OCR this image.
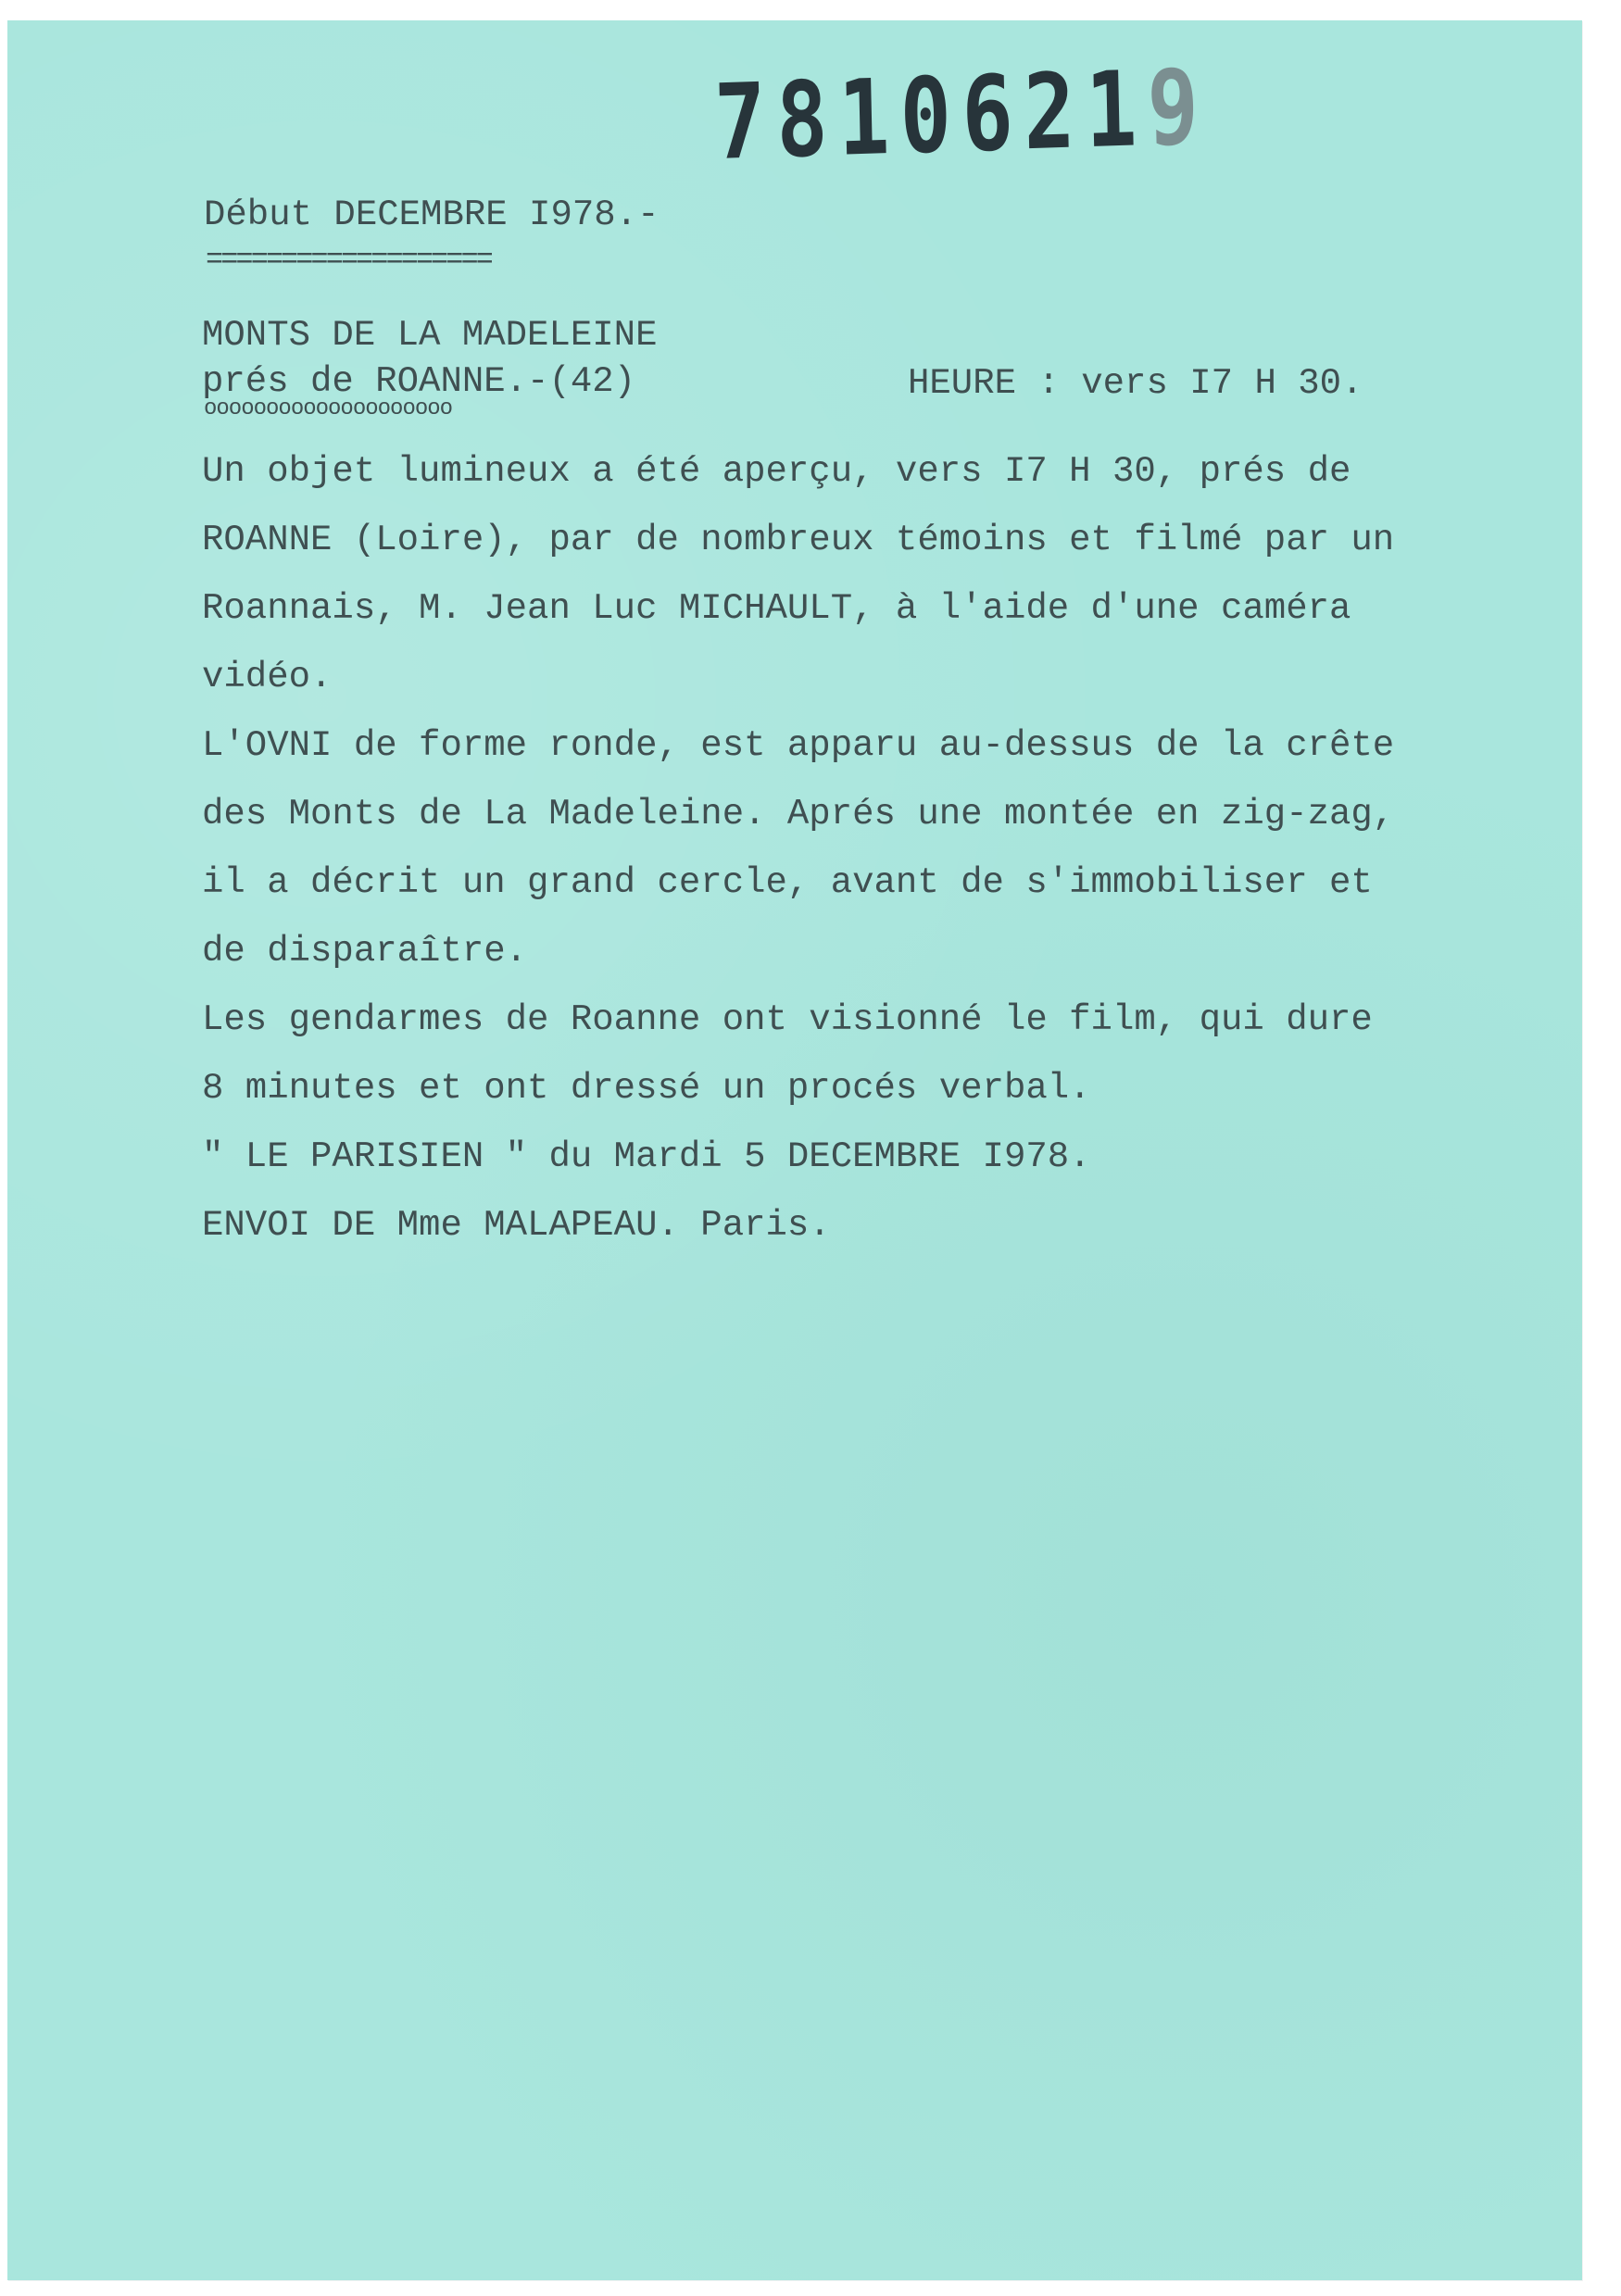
78106219
Début DECEMBRE I978.-
===================
MONTS DE LA MADELEINE
prés de ROANNE.-(42)
oooooooooooooooooooo
HEURE : vers I7 H 30.
Un objet lumineux a été aperçu, vers I7 H 30, prés de
ROANNE (Loire), par de nombreux témoins et filmé par un
Roannais, M. Jean Luc MICHAULT, à l'aide d'une caméra
vidéo.
L'OVNI de forme ronde, est apparu au-dessus de la crête
des Monts de La Madeleine. Aprés une montée en zig-zag,
il a décrit un grand cercle, avant de s'immobiliser et
de disparaître.
Les gendarmes de Roanne ont visionné le film, qui dure
8 minutes et ont dressé un procés verbal.
" LE PARISIEN " du Mardi 5 DECEMBRE I978.
ENVOI DE Mme MALAPEAU. Paris.
